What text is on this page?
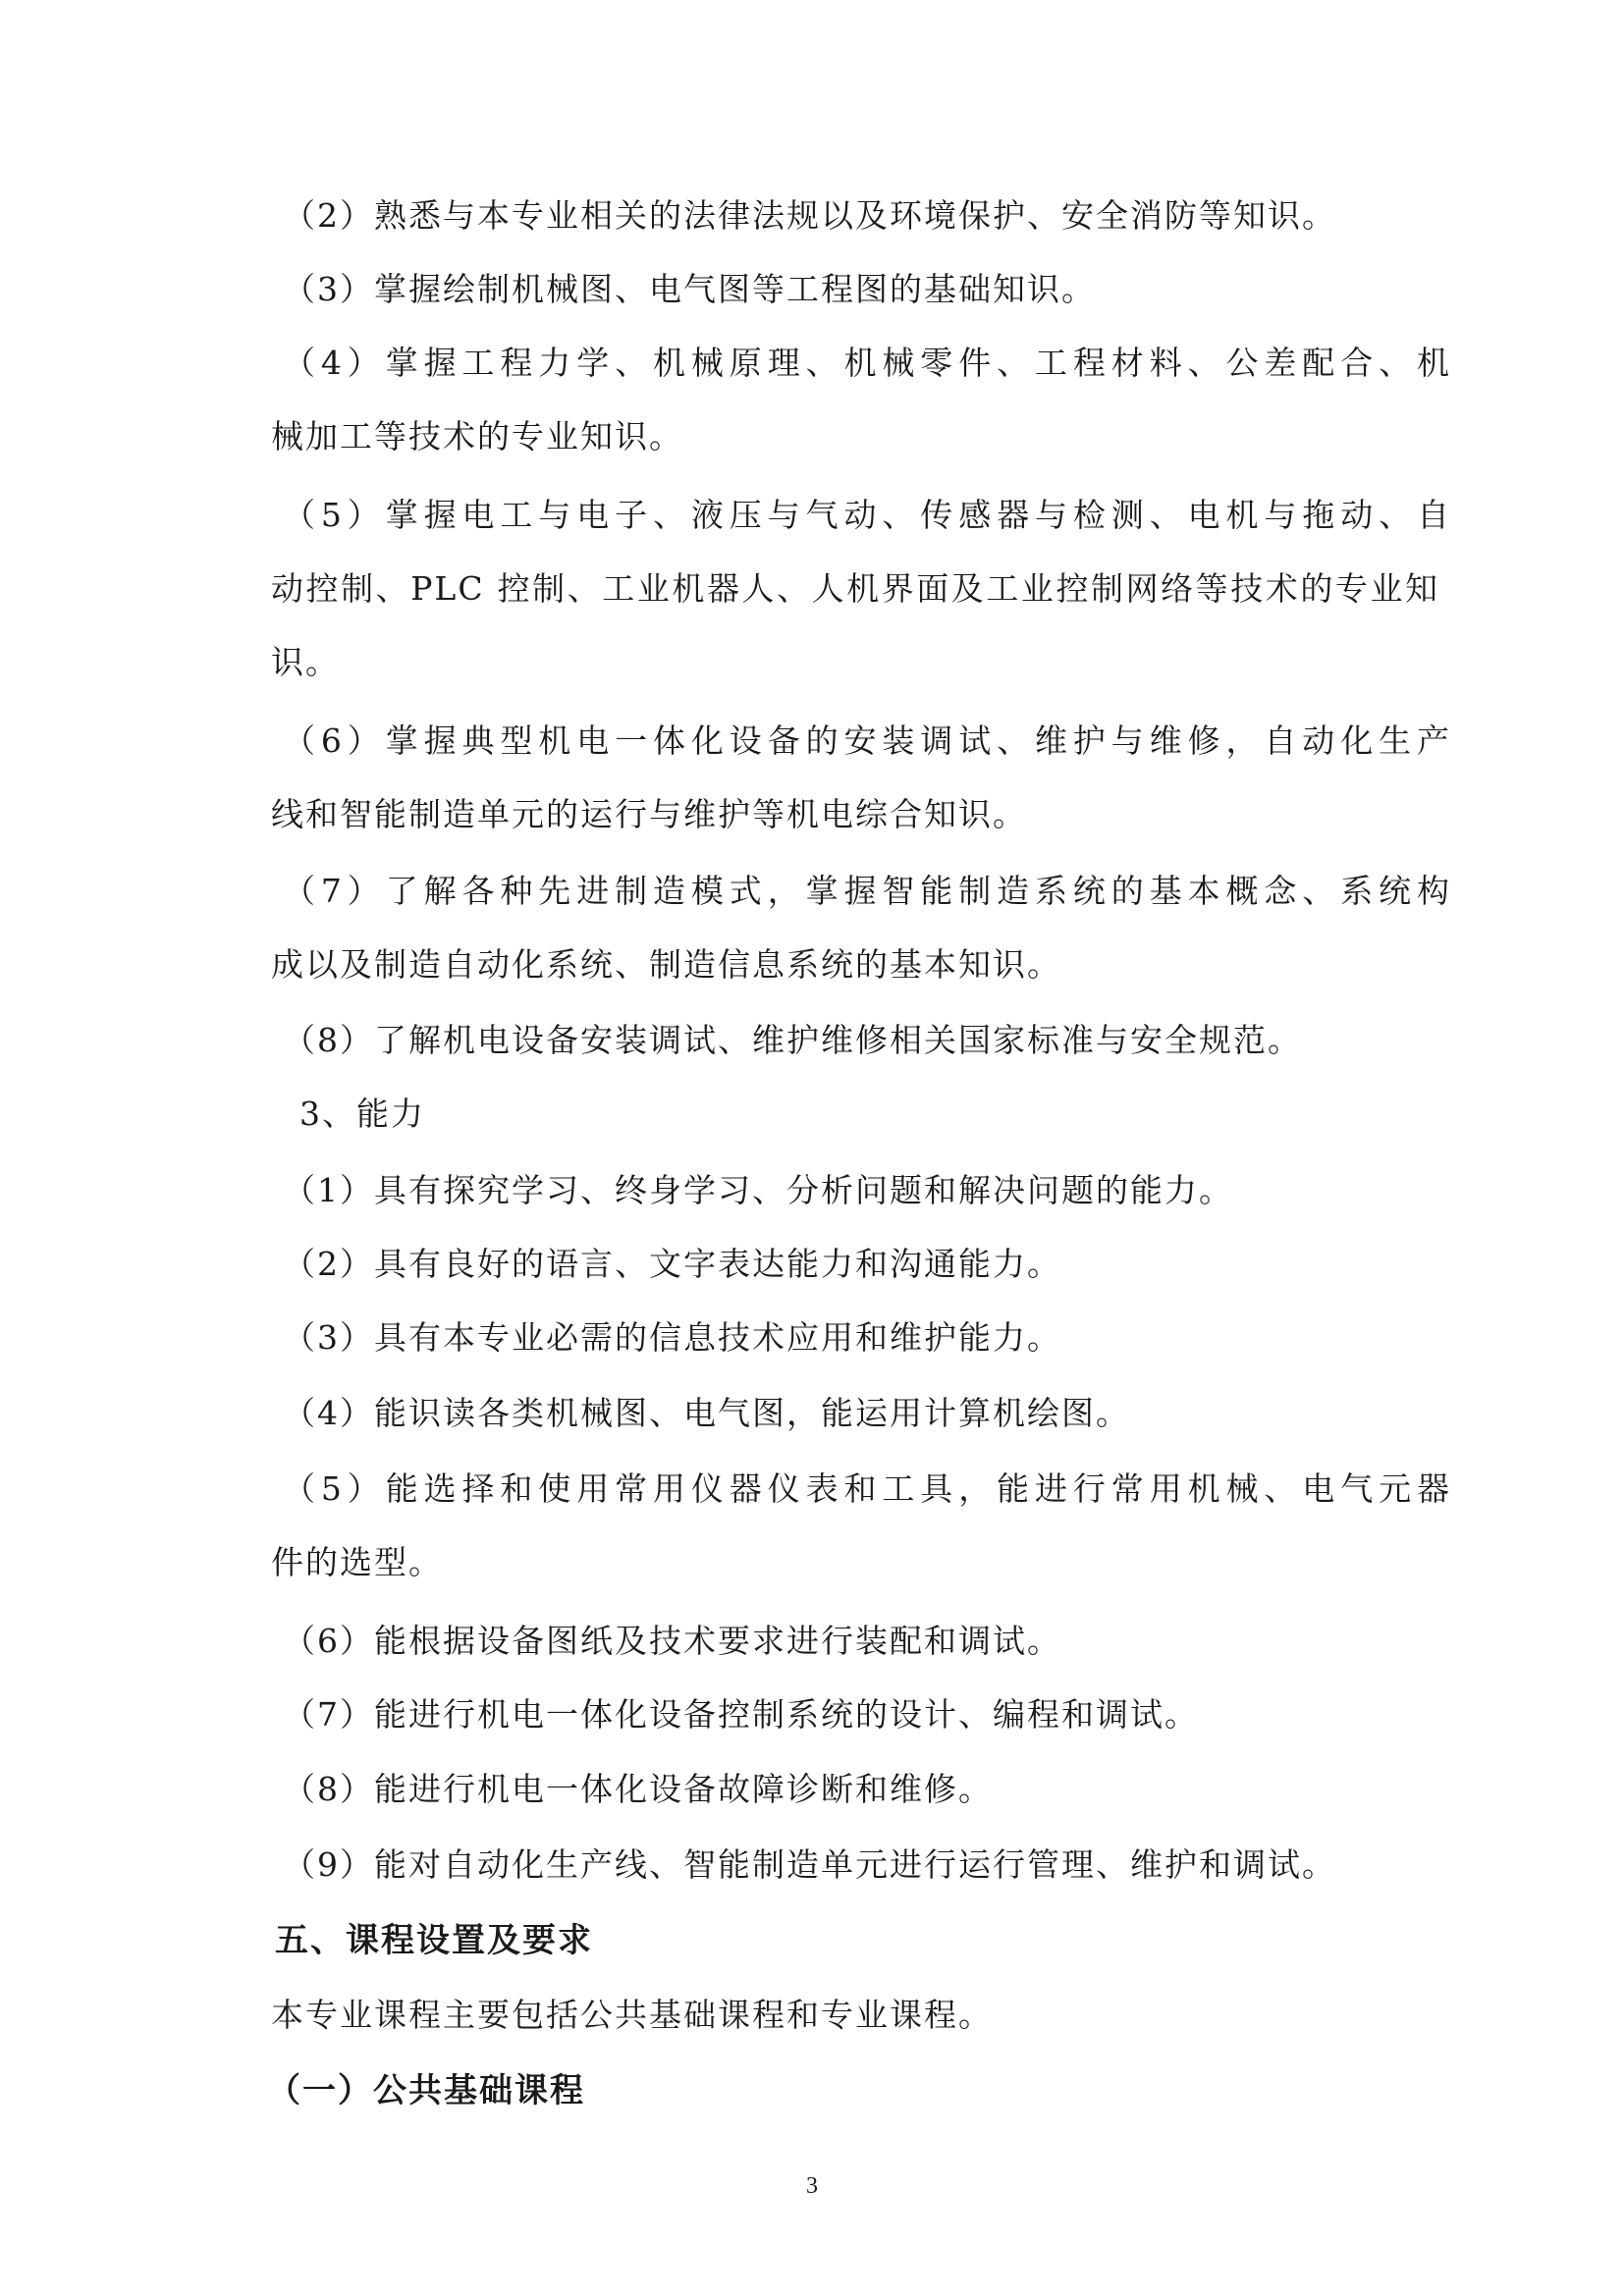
（2）熟悉与本专业相关的法律法规以及环境保护、安全消防等知识。
（3）掌握绘制机械图、电气图等工程图的基础知识。
（4）掌握工程力学、机械原理、机械零件、工程材料、公差配合、机
械加工等技术的专业知识。
（5）掌握电工与电子、液压与气动、传感器与检测、电机与拖动、自
动控制、PLC 控制、工业机器人、人机界面及工业控制网络等技术的专业知
识。
（6）掌握典型机电一体化设备的安装调试、维护与维修，自动化生产
线和智能制造单元的运行与维护等机电综合知识。
（7）了解各种先进制造模式，掌握智能制造系统的基本概念、系统构
成以及制造自动化系统、制造信息系统的基本知识。
（8）了解机电设备安装调试、维护维修相关国家标准与安全规范。
3、能力
（1）具有探究学习、终身学习、分析问题和解决问题的能力。
（2）具有良好的语言、文字表达能力和沟通能力。
（3）具有本专业必需的信息技术应用和维护能力。
（4）能识读各类机械图、电气图，能运用计算机绘图。
（5）能选择和使用常用仪器仪表和工具，能进行常用机械、电气元器
件的选型。
（6）能根据设备图纸及技术要求进行装配和调试。
（7）能进行机电一体化设备控制系统的设计、编程和调试。
（8）能进行机电一体化设备故障诊断和维修。
（9）能对自动化生产线、智能制造单元进行运行管理、维护和调试。
五、课程设置及要求
本专业课程主要包括公共基础课程和专业课程。
（一）公共基础课程
3
